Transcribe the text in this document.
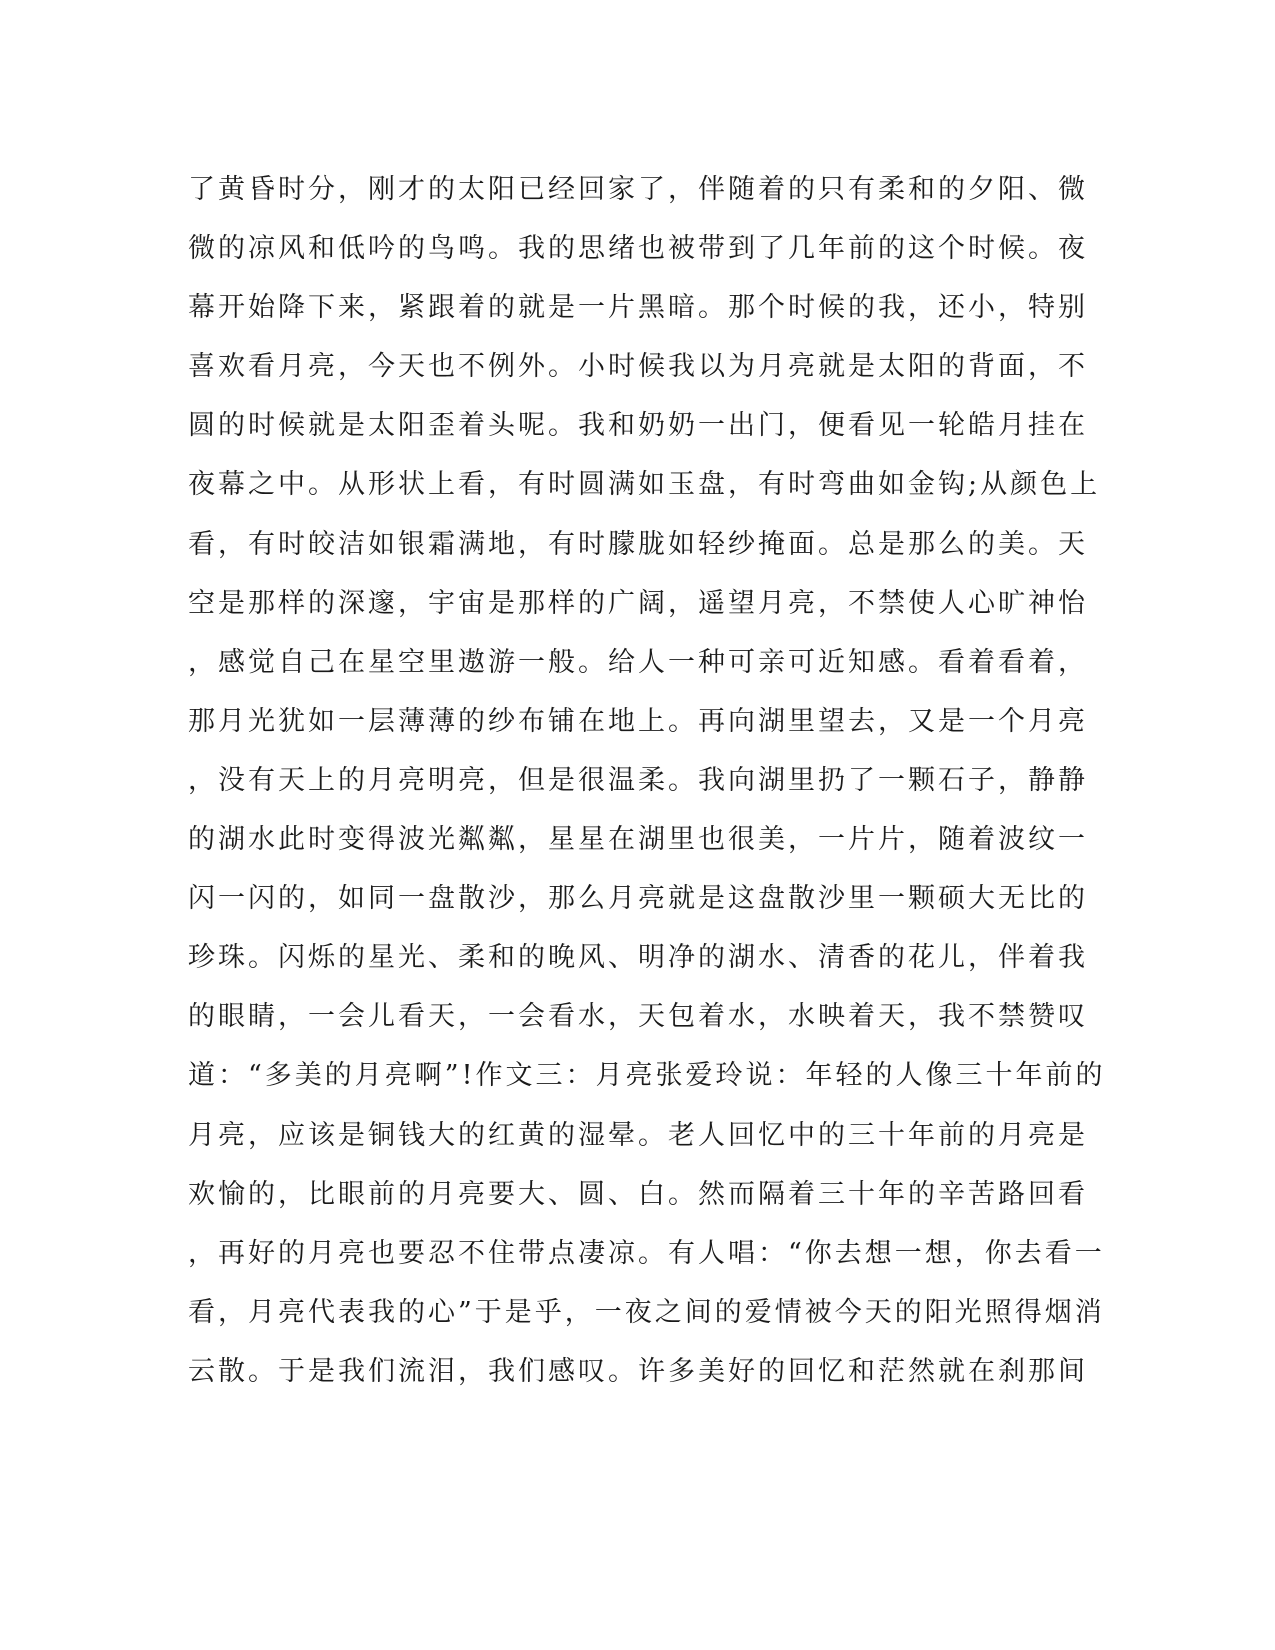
了黄昏时分，刚才的太阳已经回家了，伴随着的只有柔和的夕阳、微
微的凉风和低吟的鸟鸣。我的思绪也被带到了几年前的这个时候。夜
幕开始降下来，紧跟着的就是一片黑暗。那个时候的我，还小，特别
喜欢看月亮，今天也不例外。小时候我以为月亮就是太阳的背面，不
圆的时候就是太阳歪着头呢。我和奶奶一出门，便看见一轮皓月挂在
夜幕之中。从形状上看，有时圆满如玉盘，有时弯曲如金钩;从颜色上
看，有时皎洁如银霜满地，有时朦胧如轻纱掩面。总是那么的美。天
空是那样的深邃，宇宙是那样的广阔，遥望月亮，不禁使人心旷神怡
，感觉自己在星空里遨游一般。给人一种可亲可近知感。看着看着，
那月光犹如一层薄薄的纱布铺在地上。再向湖里望去，又是一个月亮
，没有天上的月亮明亮，但是很温柔。我向湖里扔了一颗石子，静静
的湖水此时变得波光粼粼，星星在湖里也很美，一片片，随着波纹一
闪一闪的，如同一盘散沙，那么月亮就是这盘散沙里一颗硕大无比的
珍珠。闪烁的星光、柔和的晚风、明净的湖水、清香的花儿，伴着我
的眼睛，一会儿看天，一会看水，天包着水，水映着天，我不禁赞叹
道：“多美的月亮啊”!作文三：月亮张爱玲说：年轻的人像三十年前的
月亮，应该是铜钱大的红黄的湿晕。老人回忆中的三十年前的月亮是
欢愉的，比眼前的月亮要大、圆、白。然而隔着三十年的辛苦路回看
，再好的月亮也要忍不住带点凄凉。有人唱：“你去想一想，你去看一
看，月亮代表我的心”于是乎，一夜之间的爱情被今天的阳光照得烟消
云散。于是我们流泪，我们感叹。许多美好的回忆和茫然就在刹那间
